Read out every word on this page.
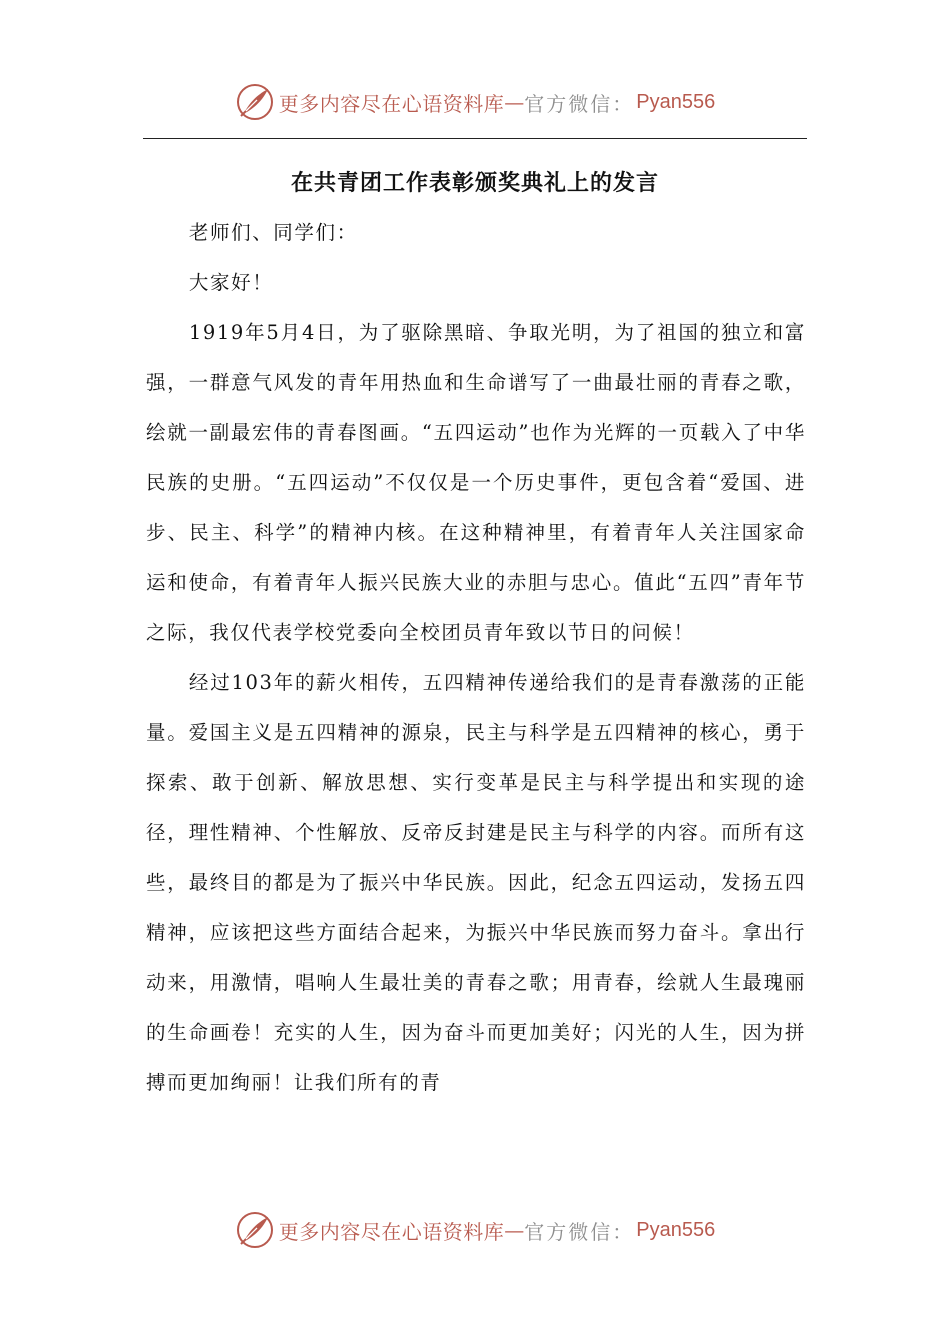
更多内容尽在心语资料库 — 官方微信： Pyan556
在共青团工作表彰颁奖典礼上的发言

老师们、同学们：

大家好！

1919年5月4日，为了驱除黑暗、争取光明，为了祖国的独立和富强，一群意气风发的青年用热血和生命谱写了一曲最壮丽的青春之歌，绘就一副最宏伟的青春图画。“五四运动”也作为光辉的一页载入了中华民族的史册。“五四运动”不仅仅是一个历史事件，更包含着“爱国、进步、民主、科学”的精神内核。在这种精神里，有着青年人关注国家命运和使命，有着青年人振兴民族大业的赤胆与忠心。值此“五四”青年节之际，我仅代表学校党委向全校团员青年致以节日的问候！

经过103年的薪火相传，五四精神传递给我们的是青春激荡的正能量。爱国主义是五四精神的源泉，民主与科学是五四精神的核心，勇于探索、敢于创新、解放思想、实行变革是民主与科学提出和实现的途径，理性精神、个性解放、反帝反封建是民主与科学的内容。而所有这些，最终目的都是为了振兴中华民族。因此，纪念五四运动，发扬五四精神，应该把这些方面结合起来，为振兴中华民族而努力奋斗。拿出行动来，用激情，唱响人生最壮美的青春之歌；用青春，绘就人生最瑰丽的生命画卷！充实的人生，因为奋斗而更加美好；闪光的人生，因为拼搏而更加绚丽！让我们所有的青

更多内容尽在心语资料库 — 官方微信： Pyan556
